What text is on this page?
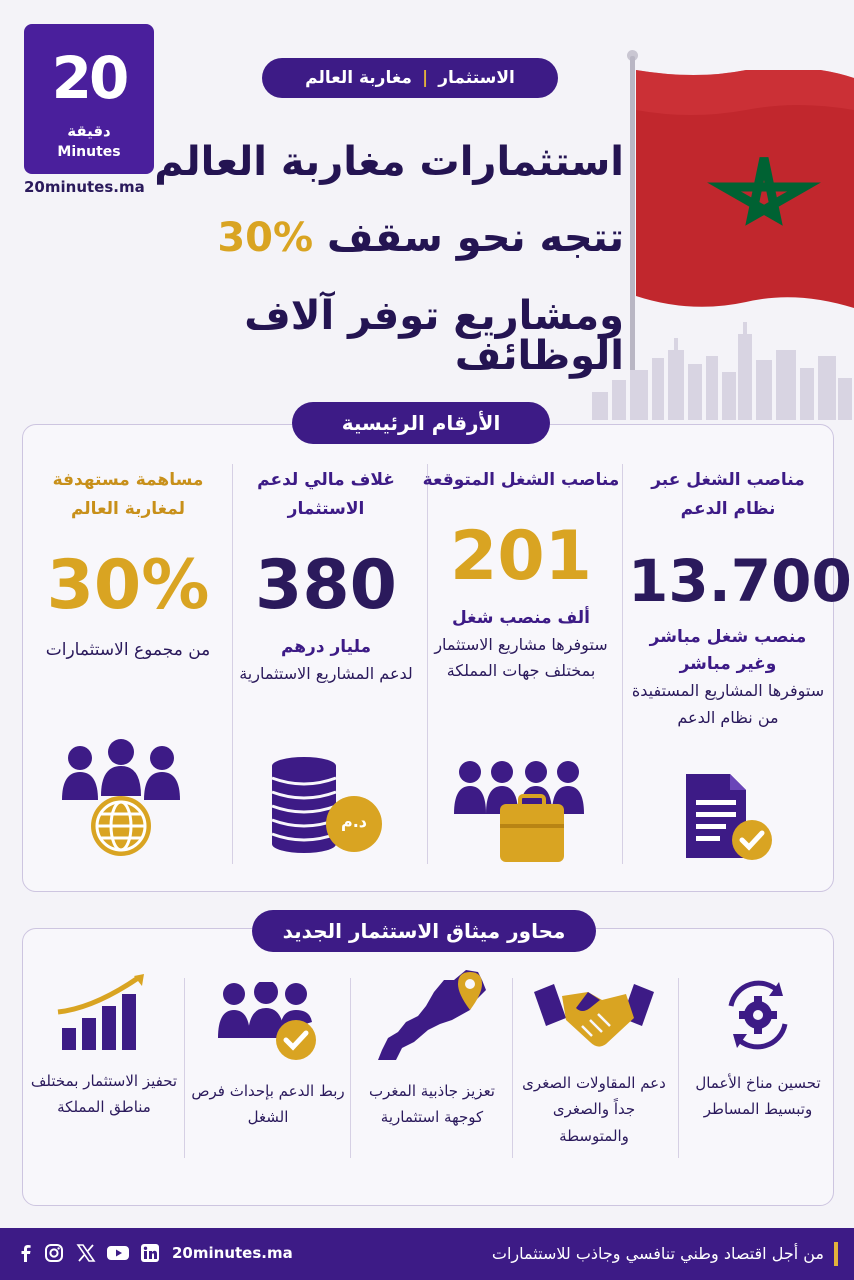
20
دقيقة
Minutes
20minutes.ma
الاستثمار
|
مغاربة العالم
استثمارات مغاربة العالم
تتجه نحو سقف 30%
ومشاريع توفر آلاف الوظائف
الأرقام الرئيسية
مناصب الشغل عبر نظام الدعم
13.700
منصب شغل مباشر وغير مباشر
ستوفرها المشاريع المستفيدة من نظام الدعم
مناصب الشغل المتوقعة
201
ألف منصب شغل
ستوفرها مشاريع الاستثمار بمختلف جهات المملكة
غلاف مالي لدعم الاستثمار
380
مليار درهم
لدعم المشاريع الاستثمارية
د.م
مساهمة مستهدفة لمغاربة العالم
30%
من مجموع الاستثمارات
محاور ميثاق الاستثمار الجديد
تحسين مناخ الأعمال وتبسيط المساطر
دعم المقاولات الصغرى جداً والصغرى والمتوسطة
تعزيز جاذبية المغرب كوجهة استثمارية
ربط الدعم بإحداث فرص الشغل
تحفيز الاستثمار بمختلف مناطق المملكة
من أجل اقتصاد وطني تنافسي وجاذب للاستثمارات
20minutes.ma
